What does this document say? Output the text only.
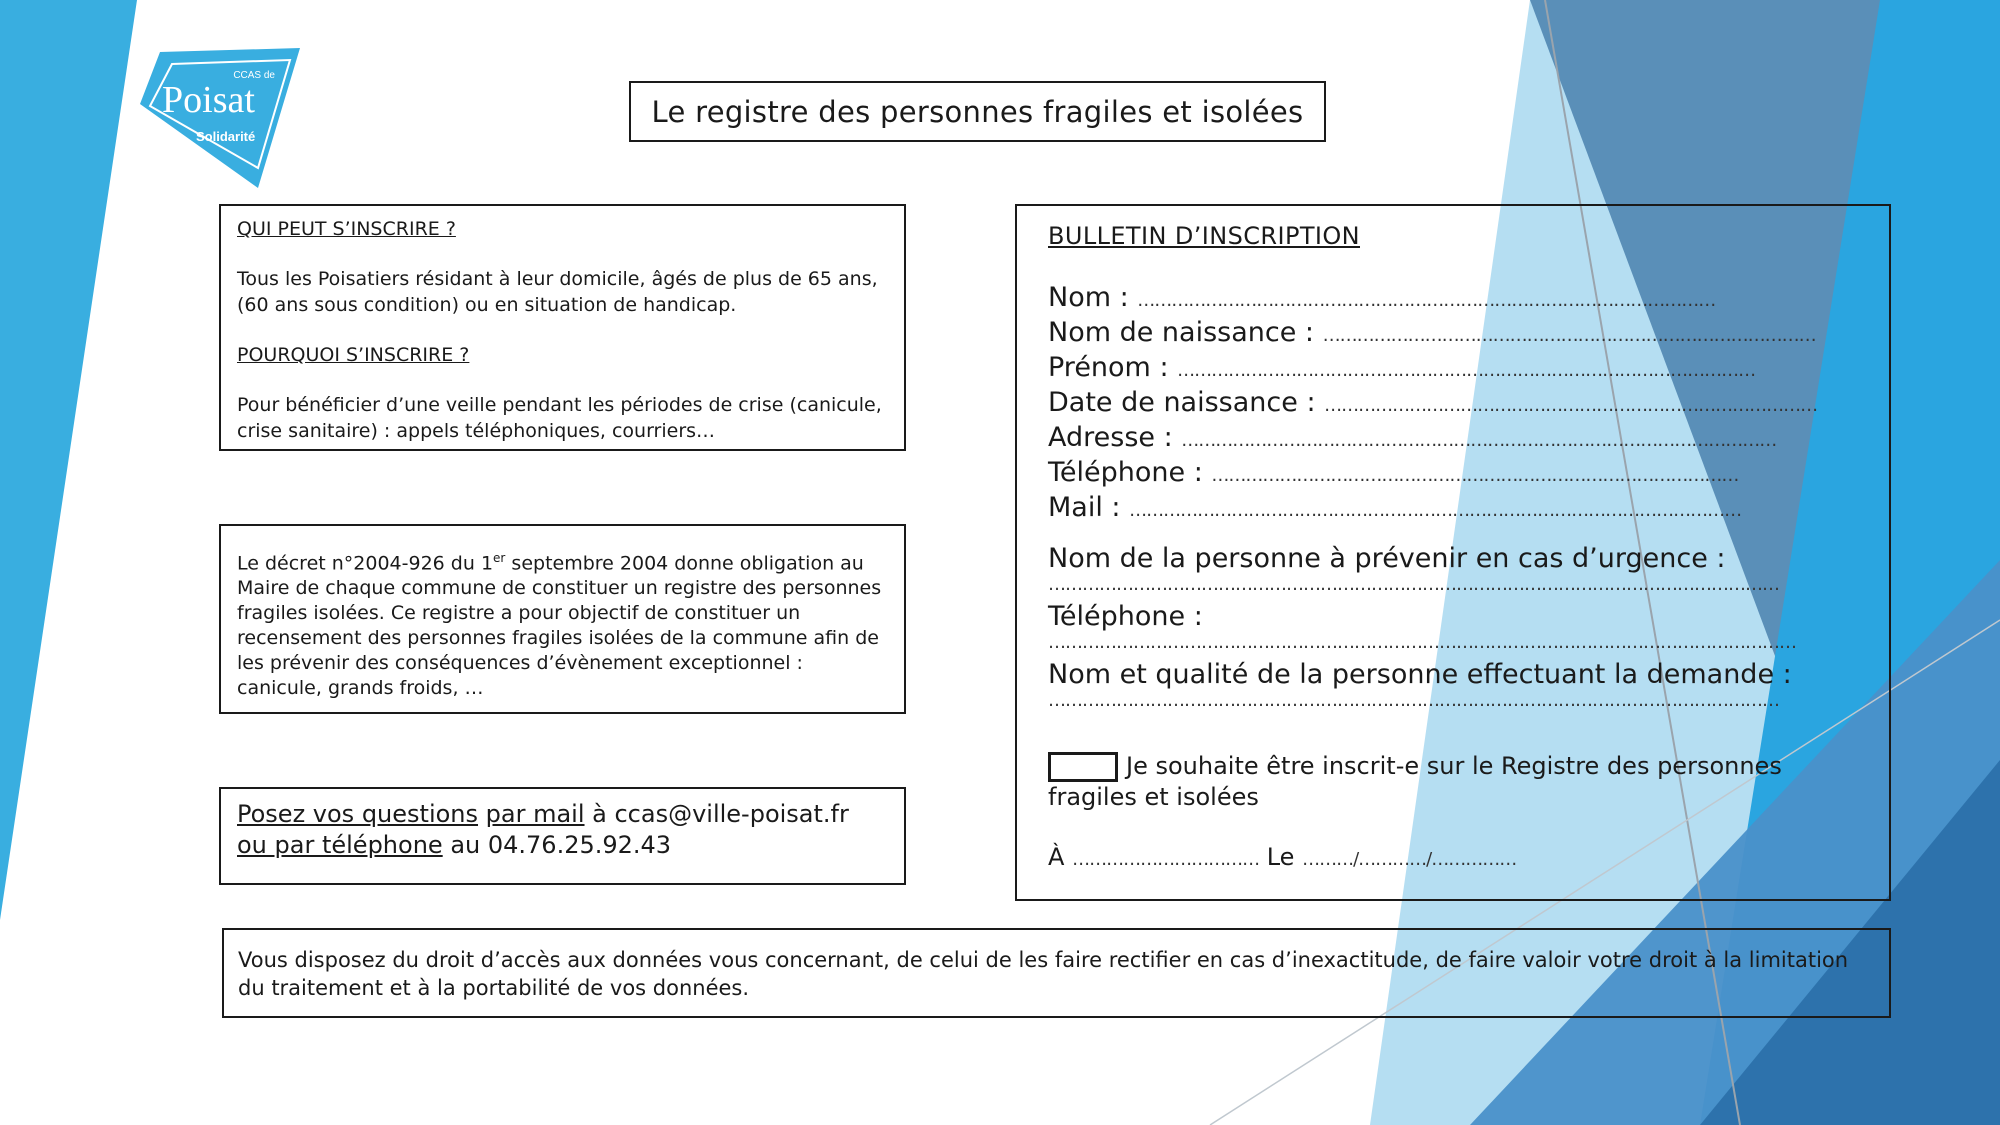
CCAS de
Poisat
Solidarité
Le registre des personnes fragiles et isolées
QUI PEUT S’INSCRIRE ?
Tous les Poisatiers résidant à leur domicile, âgés de plus de 65 ans, (60 ans sous condition) ou en situation de handicap.
POURQUOI S’INSCRIRE ?
Pour bénéficier d’une veille pendant les périodes de crise (canicule, crise sanitaire) : appels téléphoniques, courriers…
Le décret n°2004-926 du 1er septembre 2004 donne obligation au Maire de chaque commune de constituer un registre des personnes fragiles isolées. Ce registre a pour objectif de constituer un recensement des personnes fragiles isolées de la commune afin de les prévenir des conséquences d’évènement exceptionnel : canicule, grands froids, …
Posez vos questions par mail à ccas@ville-poisat.fr
ou par téléphone au 04.76.25.92.43
BULLETIN D’INSCRIPTION
Nom : …………………………………………………………………………………………
Nom de naissance : ……………………………………………………………………………
Prénom : …………………………………………………………………………………………
Date de naissance : ……………………………………………………………………………
Adresse : ……………………………………………………………………………………………
Téléphone : …………………………………………………………………………………
Mail : ………………………………………………………………………………………………
Nom de la personne à prévenir en cas d’urgence :
…………………………………………………………………………………………………………………
Téléphone :
……………………………………………………………………………………………………………………
Nom et qualité de la personne effectuant la demande :
…………………………………………………………………………………………………………………
Je souhaite être inscrit-e sur le Registre des personnes fragiles et isolées
À …………………………… Le ………/…………/……………
Vous disposez du droit d’accès aux données vous concernant, de celui de les faire rectifier en cas d’inexactitude, de faire valoir votre droit à la limitation du traitement et à la portabilité de vos données.
